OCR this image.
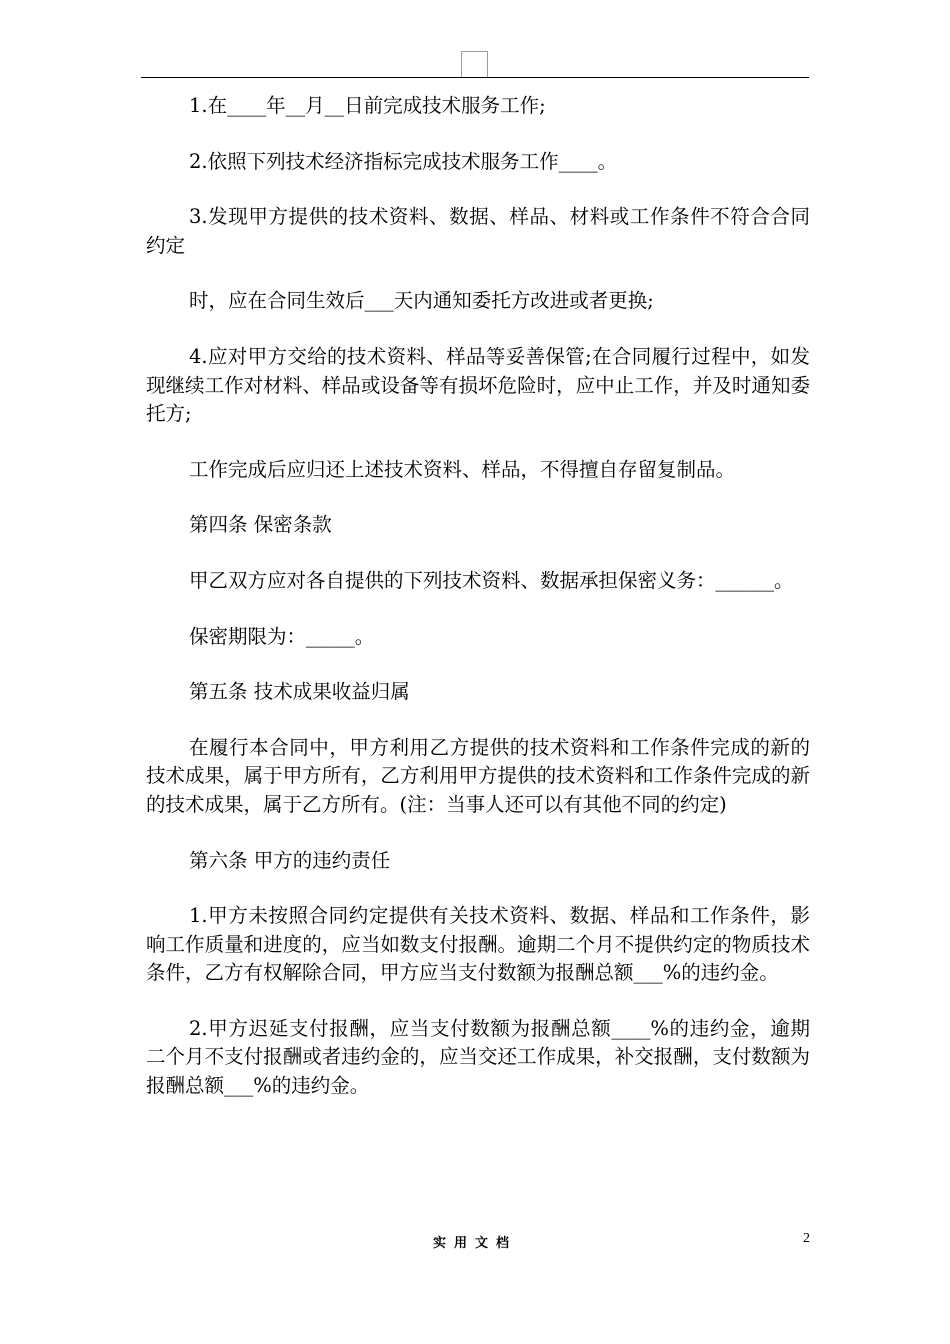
1.在____年__月__日前完成技术服务工作;

2.依照下列技术经济指标完成技术服务工作____。

3.发现甲方提供的技术资料、数据、样品、材料或工作条件不符合合同约定

时，应在合同生效后___天内通知委托方改进或者更换;

4.应对甲方交给的技术资料、样品等妥善保管;在合同履行过程中，如发现继续工作对材料、样品或设备等有损坏危险时，应中止工作，并及时通知委托方;

工作完成后应归还上述技术资料、样品，不得擅自存留复制品。

第四条 保密条款

甲乙双方应对各自提供的下列技术资料、数据承担保密义务：______。

保密期限为：_____。

第五条 技术成果收益归属

在履行本合同中，甲方利用乙方提供的技术资料和工作条件完成的新的技术成果，属于甲方所有，乙方利用甲方提供的技术资料和工作条件完成的新的技术成果，属于乙方所有。(注：当事人还可以有其他不同的约定)

第六条 甲方的违约责任

1.甲方未按照合同约定提供有关技术资料、数据、样品和工作条件，影响工作质量和进度的，应当如数支付报酬。逾期二个月不提供约定的物质技术条件，乙方有权解除合同，甲方应当支付数额为报酬总额___%的违约金。

2.甲方迟延支付报酬，应当支付数额为报酬总额____%的违约金，逾期二个月不支付报酬或者违约金的，应当交还工作成果，补交报酬，支付数额为报酬总额___%的违约金。

实用文档	2
